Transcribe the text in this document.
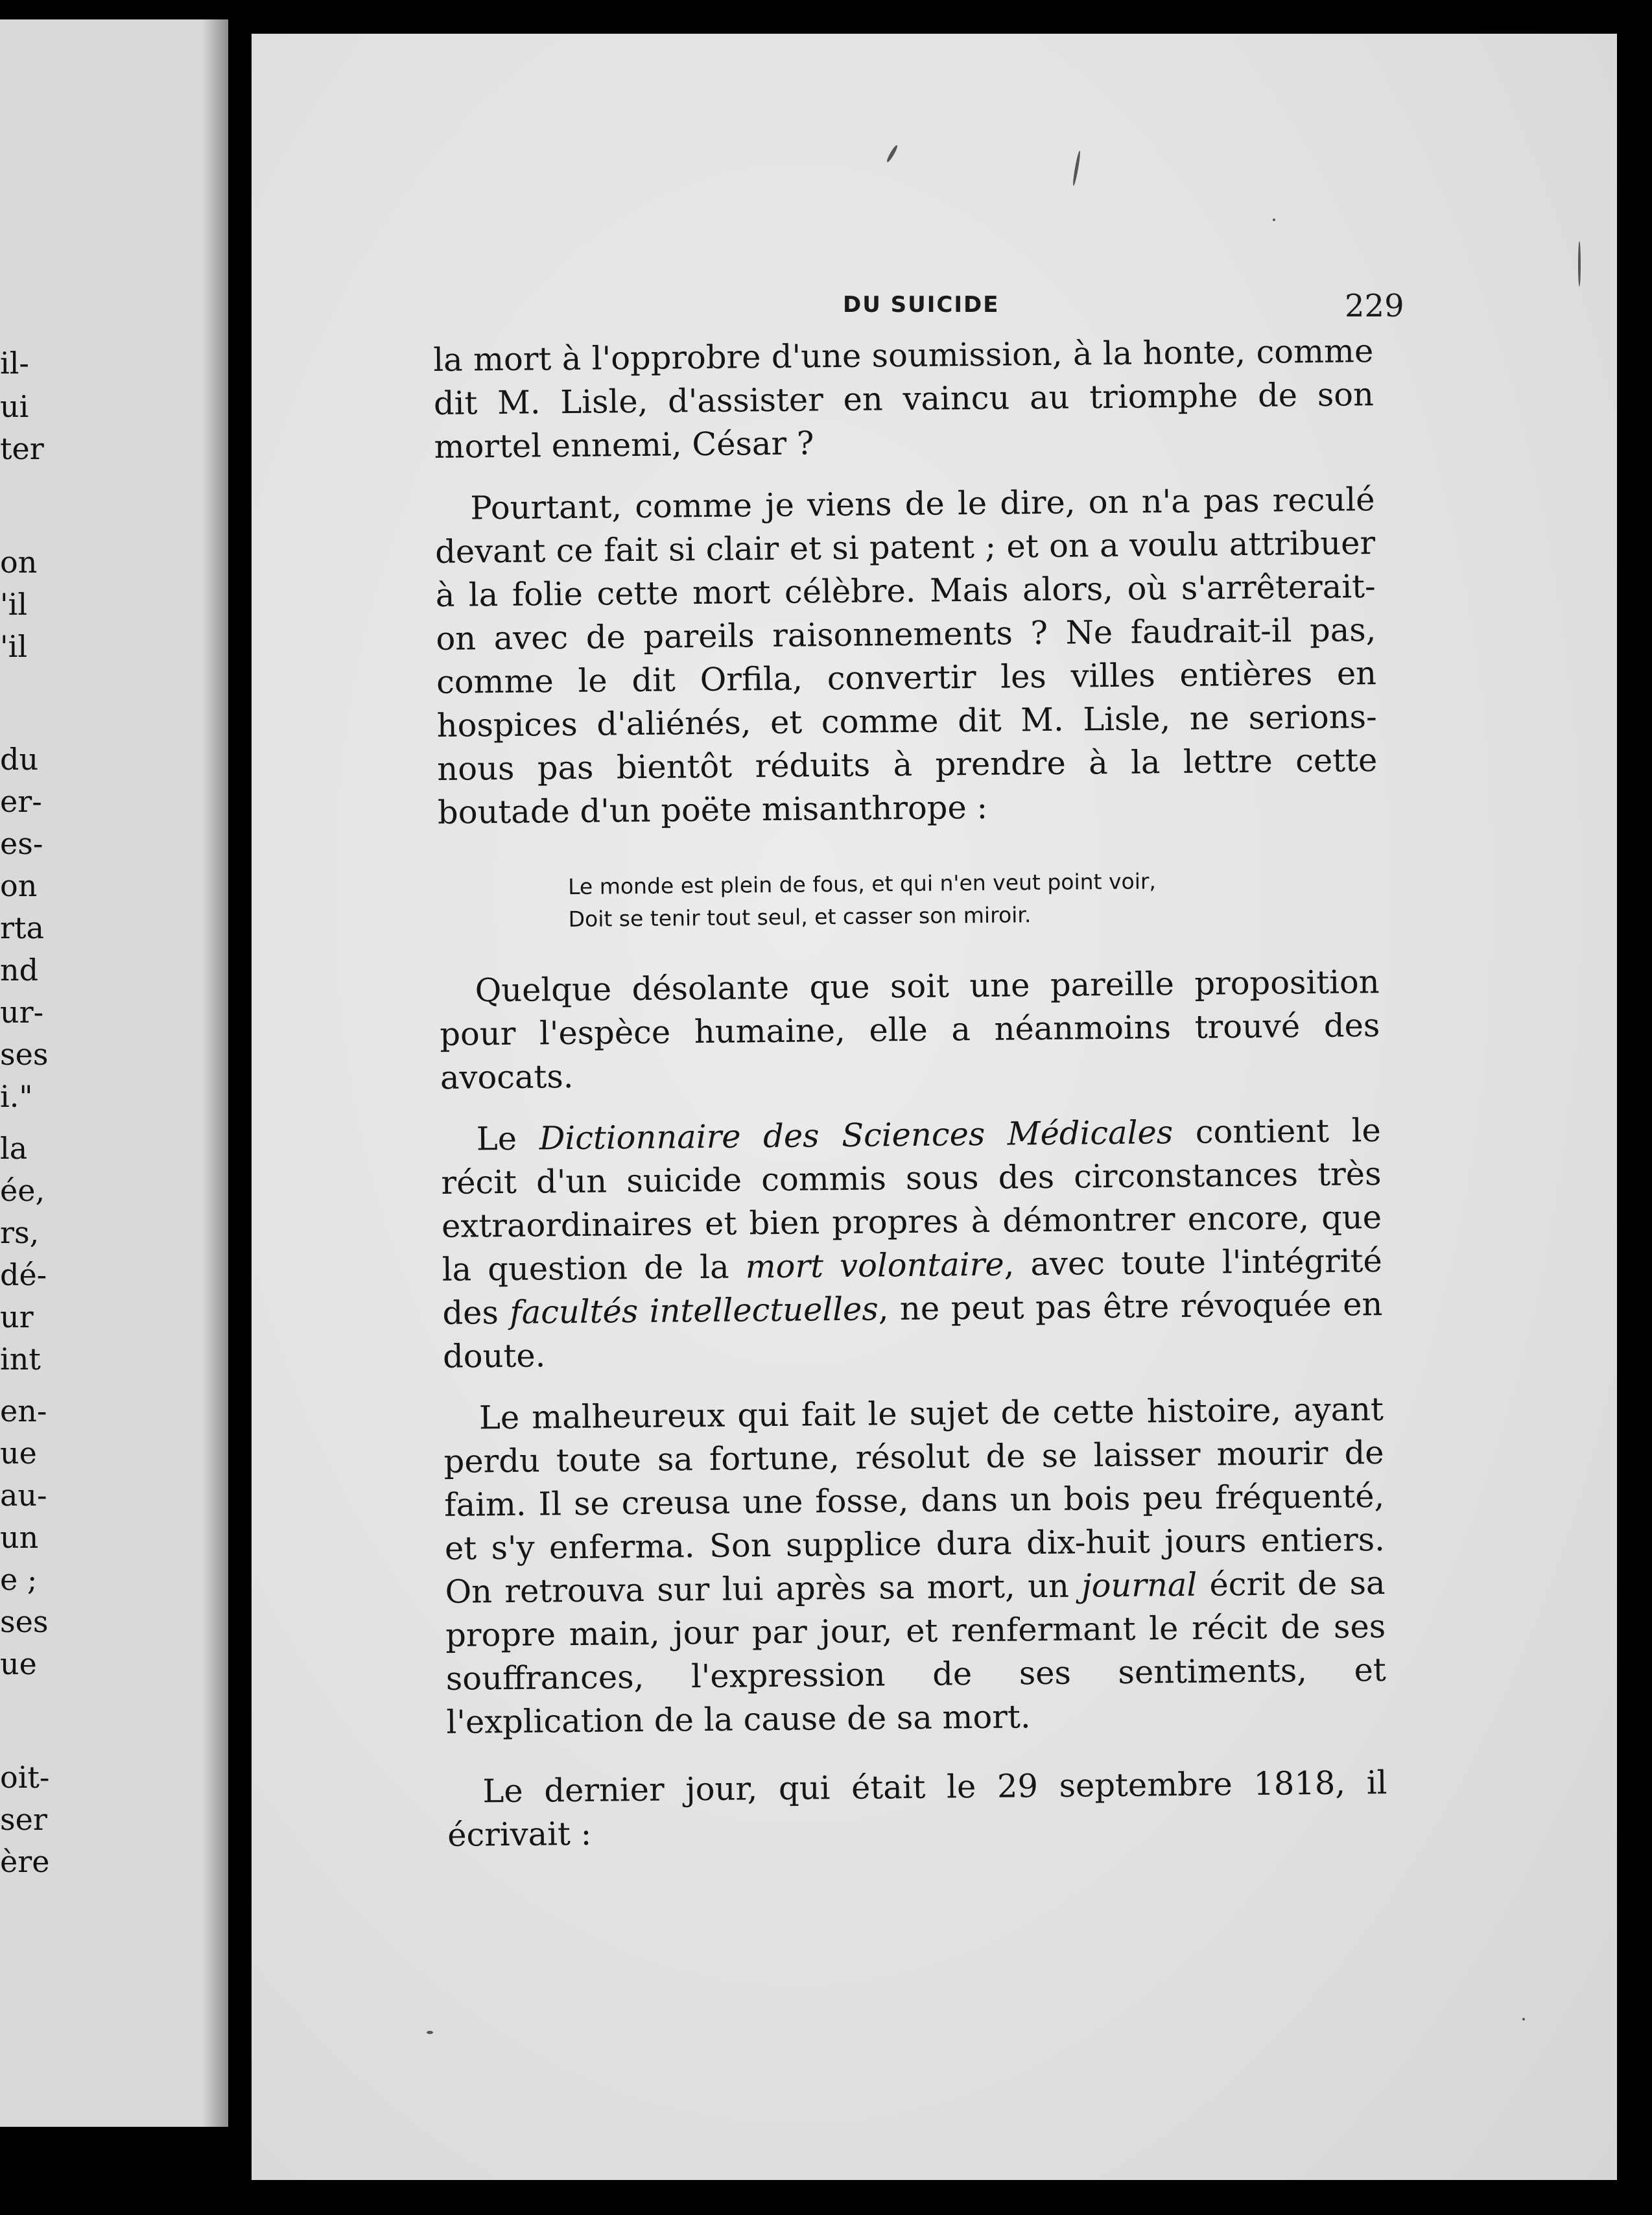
il-
ui
ter
on
'il
'il
du
er-
es-
on
rta
nd
ur-
ses
i."
la
ée,
rs,
dé-
ur
int
en-
ue
au-
un
e ;
ses
ue
oit-
ser
ère
DU SUICIDE	229

la mort à l'opprobre d'une soumission, à la honte, comme dit M. Lisle, d'assister en vaincu au triomphe de son mortel ennemi, César ?

Pourtant, comme je viens de le dire, on n'a pas reculé devant ce fait si clair et si patent ; et on a voulu attribuer à la folie cette mort célèbre. Mais alors, où s'arrêterait-on avec de pareils raisonnements ? Ne faudrait-il pas, comme le dit Orfila, convertir les villes entières en hospices d'aliénés, et comme dit M. Lisle, ne serions-nous pas bientôt réduits à prendre à la lettre cette boutade d'un poëte misanthrope :

Le monde est plein de fous, et qui n'en veut point voir,
Doit se tenir tout seul, et casser son miroir.

Quelque désolante que soit une pareille proposition pour l'espèce humaine, elle a néanmoins trouvé des avocats.

Le Dictionnaire des Sciences Médicales contient le récit d'un suicide commis sous des circonstances très extraordinaires et bien propres à démontrer encore, que la question de la mort volontaire, avec toute l'intégrité des facultés intellectuelles, ne peut pas être révoquée en doute.

Le malheureux qui fait le sujet de cette histoire, ayant perdu toute sa fortune, résolut de se laisser mourir de faim. Il se creusa une fosse, dans un bois peu fréquenté, et s'y enferma. Son supplice dura dix-huit jours entiers. On retrouva sur lui après sa mort, un journal écrit de sa propre main, jour par jour, et renfermant le récit de ses souffrances, l'expression de ses sentiments, et l'explication de la cause de sa mort.

Le dernier jour, qui était le 29 septembre 1818, il écrivait :
